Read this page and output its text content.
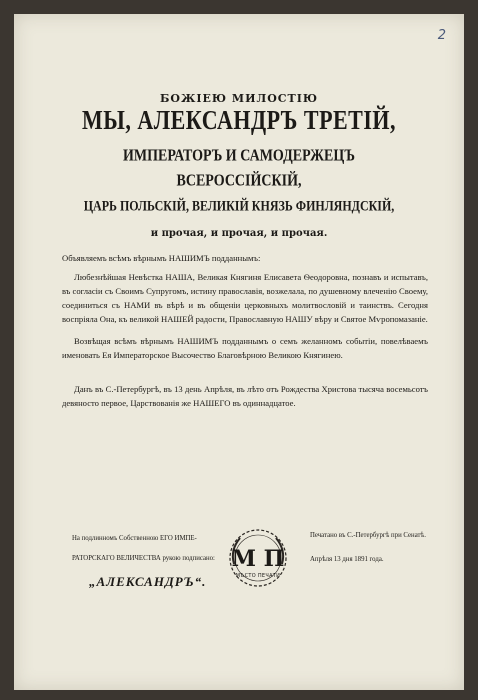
2
БОЖІЕЮ МИЛОСТІЮ
МЫ, АЛЕКСАНДРЪ ТРЕТІЙ,
ИМПЕРАТОРЪ И САМОДЕРЖЕЦЪ
ВСЕРОССІЙСКІЙ,
ЦАРЬ ПОЛЬСКІЙ, ВЕЛИКІЙ КНЯЗЬ ФИНЛЯНДСКІЙ,
и прочая, и прочая, и прочая.
Объявляемъ всѣмъ вѣрнымъ НАШИМЪ подданнымъ:
Любезнѣйшая Невѣстка НАША, Великая Княгиня Елисавета Ѳеодоровна, познавъ и испытавъ, въ согласіи съ Своимъ Супругомъ, истину православія, возжелала, по душевному влеченію Своему, соединиться съ НАМИ въ вѣрѣ и въ общеніи церковныхъ молитвословій и таинствъ. Сегодня воспріяла Она, къ великой НАШЕЙ радости, Православную НАШУ вѣру и Святое Мѵропомазаніе.
Возвѣщая всѣмъ вѣрнымъ НАШИМЪ подданнымъ о семъ желанномъ событіи, повелѣваемъ именовать Ея Императорское Высочество Благовѣрною Великою Княгинею.
Данъ въ С.-Петербургѣ, въ 13 день Апрѣля, въ лѣто отъ Рождества Христова тысяча восемьсотъ девяносто первое, Царствованія же НАШЕГО въ одиннадцатое.
На подлинномъ Собственною ЕГО ИМПЕ-
РАТОРСКАГО ВЕЛИЧЕСТВА рукою подписано:
„АЛЕКСАНДРЪ“.
М П
МѢСТО ПЕЧАТИ
Печатано въ С.-Петербургѣ при Сенатѣ.
Апрѣля 13 дня 1891 года.
